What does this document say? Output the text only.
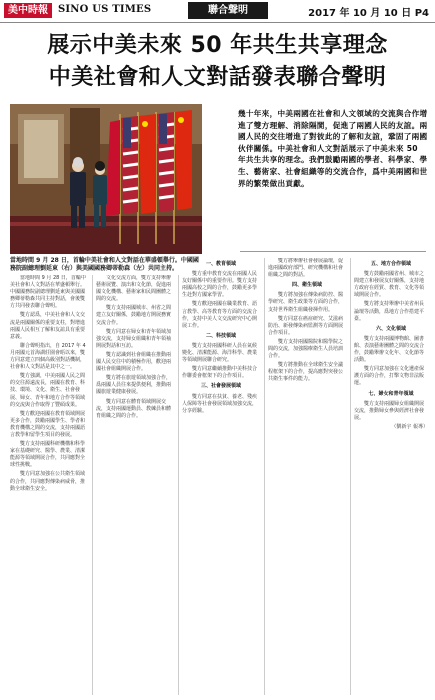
美中時報	SINO US TIMES	聯合聲明	2017 年 10 月 10 日 P4
展示中美未來 50 年共生共享理念
中美社會和人文對話發表聯合聲明
當地時間 9 月 28 日，首輪中美社會和人文對話在華盛頓舉行。中國國務院副總理劉延東（右）與美國國務卿蒂勒森（左）共同主持。
幾十年來，中美兩國在社會和人文領域的交流與合作增進了雙方理解、消除隔閡，促進了兩國人民的友誼。兩國人民的交往增進了對彼此的了解和友誼，鞏固了兩國伙伴關係。中美社會和人文對話展示了中美未來 50 年共生共享的理念。我們鼓勵兩國的學者、科學家、學生、藝術家、社會組織等的交流合作，爲中美兩國和世界的繁榮做出貢獻。

當地時間 9 月 28 日，首輪中美社會和人文對話在華盛頓舉行。中國國務院副總理劉延東與美國國務卿蒂勒森共同主持對話，會後雙方共同發表聯合聲明。

雙方認爲，中美社會和人文交流是兩國關係的重要支柱，對增進兩國人民相互了解和友誼具有重要意義。

聯合聲明指出，自 2017 年 4 月兩國元首海湖莊園會晤以來，雙方同意建立四個高級別對話機制，社會和人文對話是其中之一。

雙方強調，中美兩國人民之間的交往源遠流長，兩國在教育、科技、環境、文化、衛生、社會發展、婦女、青年和地方合作等領域的交流與合作取得了豐碩成果。

雙方歡迎兩國在教育領域開展更多合作，鼓勵兩國學生、學者和教育機構之間的交流，支持兩國語言教學和留學生項目的發展。

雙方支持兩國科研機構和科學家在基礎研究、醫學、農業、清潔能源等領域開展合作，共同應對全球性挑戰。

雙方同意加強在公共衛生領域的合作，共同應對傳染病威脅，推動全球衛生安全。

文化交流方面，雙方支持舉辦藝術展覽、演出和文化節，促進兩國文化機構、藝術家和民間團體之間的交流。

雙方支持兩國城市、州省之間建立友好關係，鼓勵地方開展務實交流合作。

雙方同意在婦女和青年領域加強交流，支持婦女組織和青年領袖開展對話和互訪。

雙方認識到社會組織在推動兩國人民交往中的積極作用，歡迎兩國社會組織開展合作。

雙方將在旅遊領域加強合作，爲兩國人員往來提供便利，推動兩國旅遊業健康發展。

雙方同意在體育領域開展交流，支持兩國運動員、教練員和體育組織之間的合作。

一、教育領域

雙方重申教育交流在兩國人民友好關係中的重要作用。雙方支持兩國高校之間的合作，鼓勵更多學生赴對方國家學習。

雙方歡迎兩國在職業教育、語言教學、高等教育等方面的交流合作，支持中美人文交流研究中心開展工作。

二、科技領域

雙方支持兩國科研人員在氣候變化、清潔能源、海洋科學、農業等領域開展聯合研究。

雙方同意繼續推動中美科技合作聯委會框架下的合作項目。

三、社會發展領域

雙方同意在扶貧、養老、殘疾人保障等社會發展領域加強交流，分享經驗。

雙方將舉辦社會發展論壇，促進兩國政府部門、研究機構和社會組織之間的對話。

四、衛生領域

雙方將加強在傳染病防控、醫學研究、衛生政策等方面的合作，支持世界衛生組織發揮作用。

雙方同意在癌症研究、艾滋病防治、新發傳染病監測等方面開展合作項目。

雙方支持兩國醫院和醫學院之間的交流，加強醫療衛生人員培訓合作。

雙方將推動在全球衛生安全議程框架下的合作，提高應對突發公共衛生事件的能力。

五、地方合作領域

雙方鼓勵兩國省州、城市之間建立和發展友好關係，支持地方政府在經貿、教育、文化等領域開展合作。

雙方將支持舉辦中美省州長論壇等活動，爲地方合作搭建平臺。

六、文化領域

雙方支持兩國博物館、圖書館、表演藝術團體之間的交流合作，鼓勵舉辦文化年、文化節等活動。

雙方同意加強在文化遺產保護方面的合作，打擊文物非法販運。

七、婦女和青年領域

雙方支持兩國婦女組織開展交流，推動婦女參與經濟社會發展。

（劉新宇 報導）
